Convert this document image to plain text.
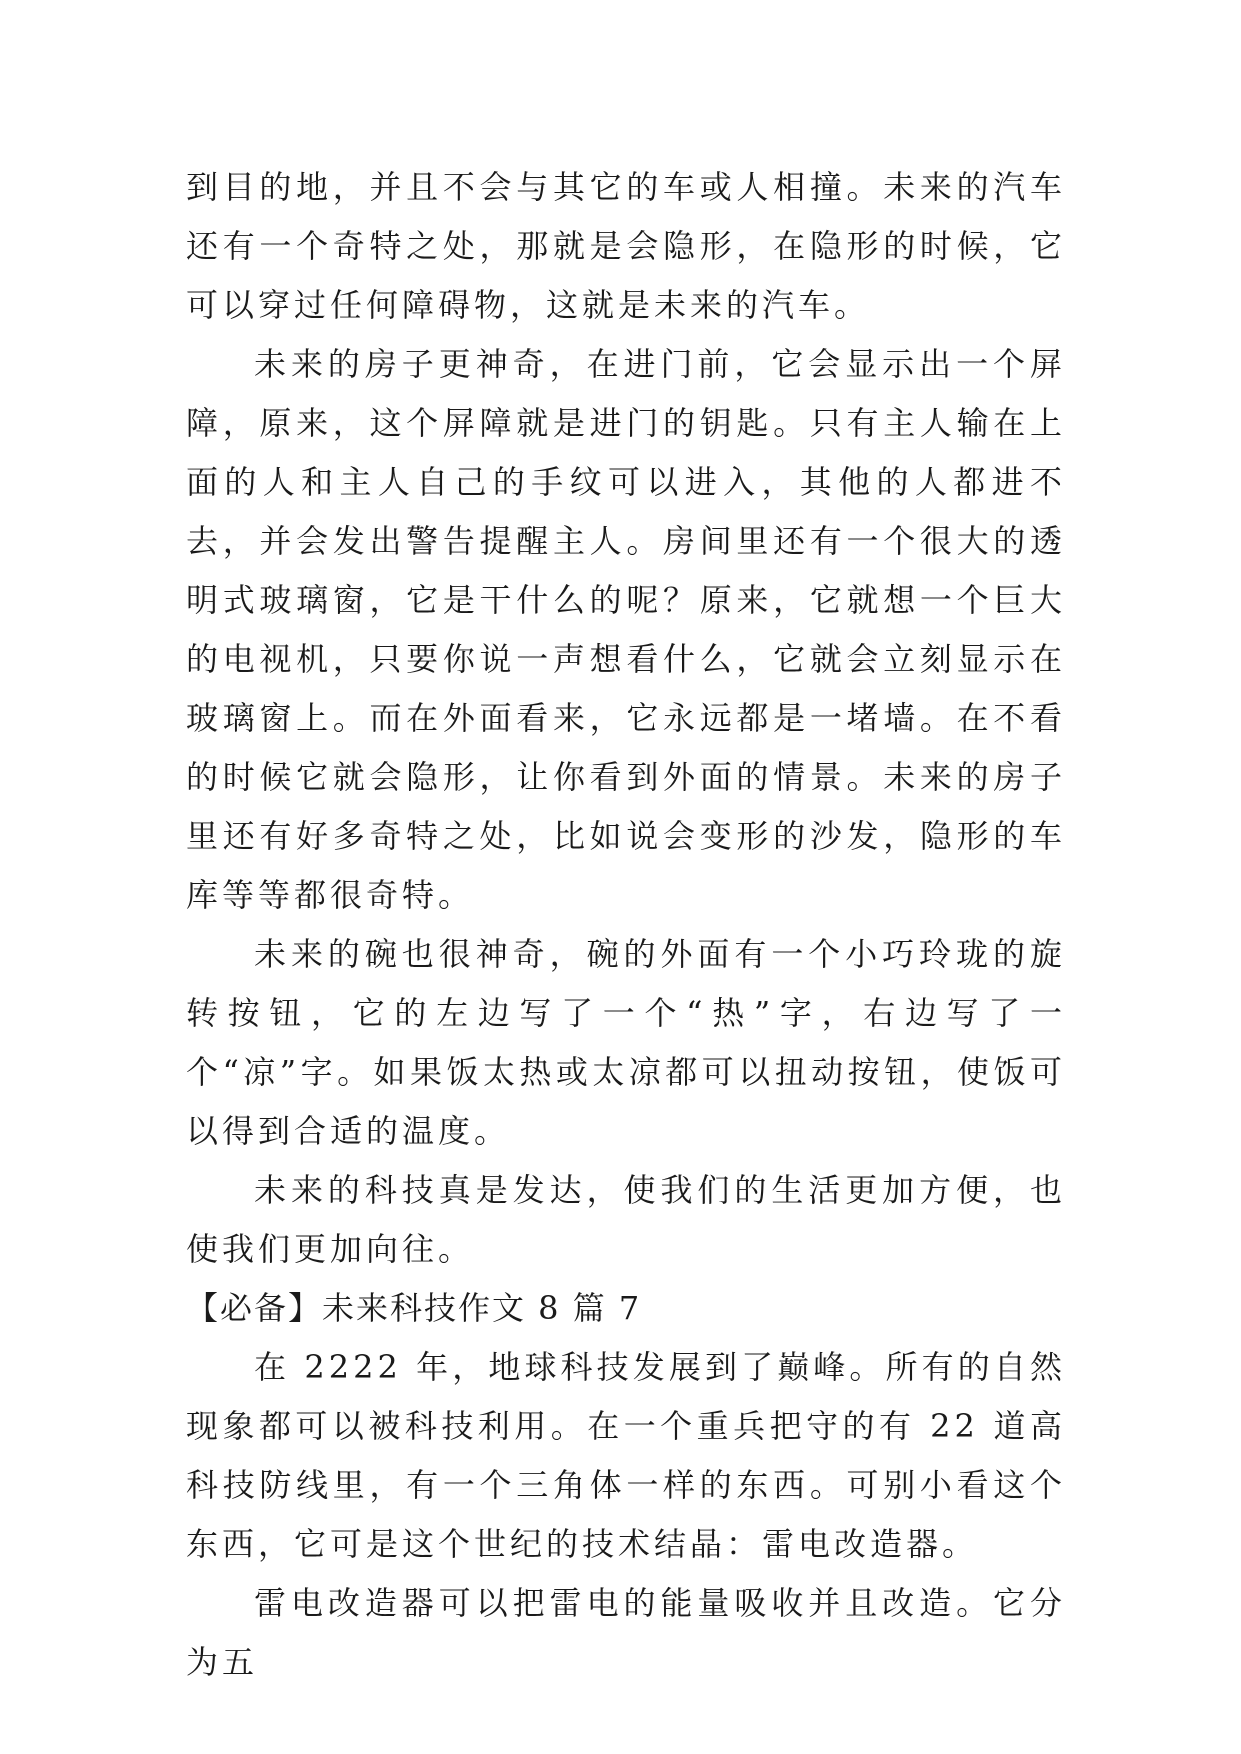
到目的地，并且不会与其它的车或人相撞。未来的汽车还有一个奇特之处，那就是会隐形，在隐形的时候，它可以穿过任何障碍物，这就是未来的汽车。

未来的房子更神奇，在进门前，它会显示出一个屏障，原来，这个屏障就是进门的钥匙。只有主人输在上面的人和主人自己的手纹可以进入，其他的人都进不去，并会发出警告提醒主人。房间里还有一个很大的透明式玻璃窗，它是干什么的呢？原来，它就想一个巨大的电视机，只要你说一声想看什么，它就会立刻显示在玻璃窗上。而在外面看来，它永远都是一堵墙。在不看的时候它就会隐形，让你看到外面的情景。未来的房子里还有好多奇特之处，比如说会变形的沙发，隐形的车库等等都很奇特。

未来的碗也很神奇，碗的外面有一个小巧玲珑的旋转按钮，它的左边写了一个“热”字，右边写了一个“凉”字。如果饭太热或太凉都可以扭动按钮，使饭可以得到合适的温度。

未来的科技真是发达，使我们的生活更加方便，也使我们更加向往。

【必备】未来科技作文 8 篇 7

在 2222 年，地球科技发展到了巅峰。所有的自然现象都可以被科技利用。在一个重兵把守的有 22 道高科技防线里，有一个三角体一样的东西。可别小看这个东西，它可是这个世纪的技术结晶：雷电改造器。

雷电改造器可以把雷电的能量吸收并且改造。它分为五
